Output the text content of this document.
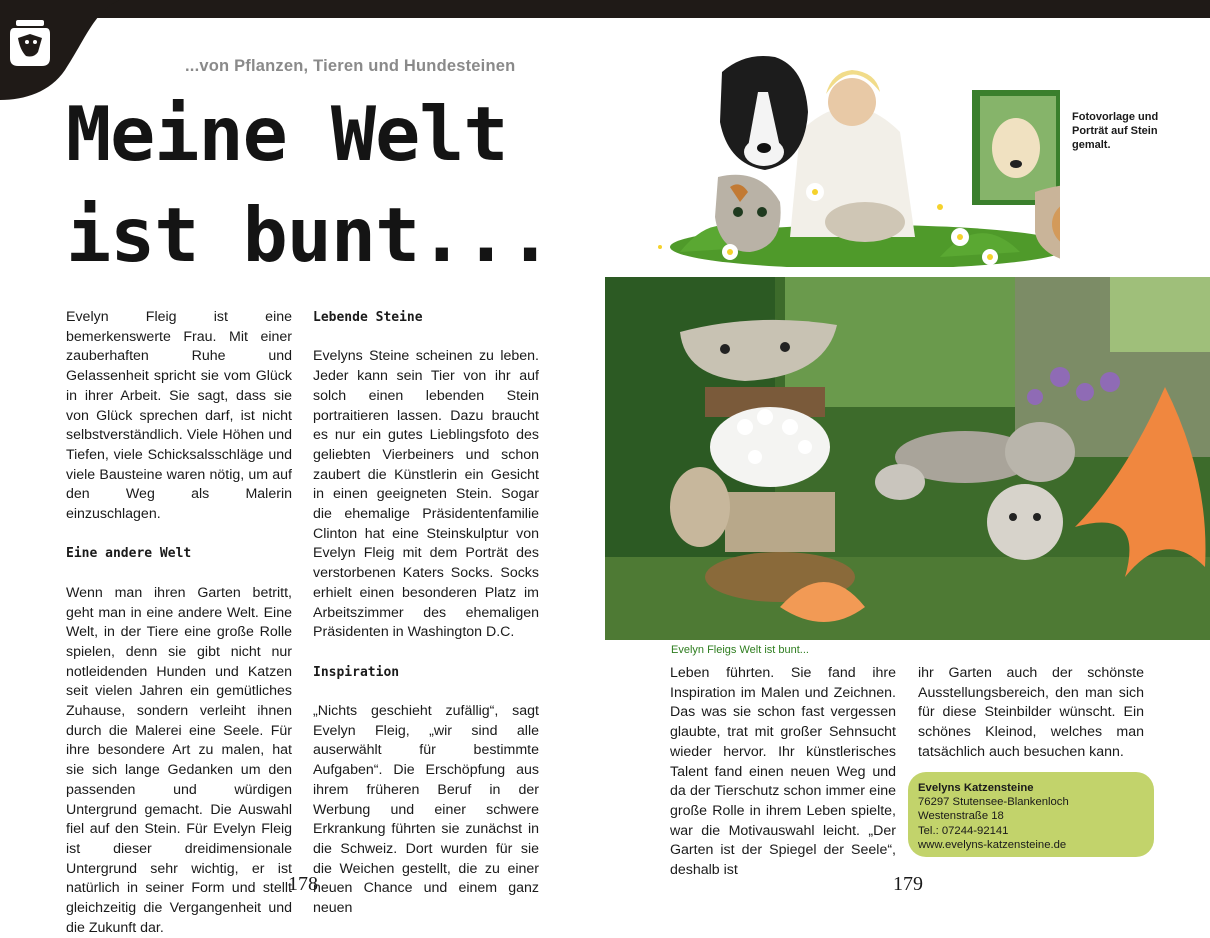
...von Pflanzen, Tieren und Hundesteinen
Meine Welt
ist bunt...

Evelyn Fleig ist eine bemerkenswerte Frau. Mit einer zauberhaften Ruhe und Gelassenheit spricht sie vom Glück in ihrer Arbeit. Sie sagt, dass sie von Glück sprechen darf, ist nicht selbstverständlich. Viele Höhen und Tiefen, viele Schicksalsschläge und viele Bausteine waren nötig, um auf den Weg als Malerin einzuschlagen.

Eine andere Welt

Wenn man ihren Garten betritt, geht man in eine andere Welt. Eine Welt, in der Tiere eine große Rolle spielen, denn sie gibt nicht nur notleidenden Hunden und Katzen seit vielen Jahren ein gemütliches Zuhause, sondern verleiht ihnen durch die Malerei eine Seele. Für ihre besondere Art zu malen, hat sie sich lange Gedanken um den passenden und würdigen Untergrund gemacht. Die Auswahl fiel auf den Stein. Für Evelyn Fleig ist dieser dreidimensionale Untergrund sehr wichtig, er ist natürlich in seiner Form und stellt gleichzeitig die Vergangenheit und die Zukunft dar.

Lebende Steine

Evelyns Steine scheinen zu leben. Jeder kann sein Tier von ihr auf solch einen lebenden Stein portraitieren lassen. Dazu braucht es nur ein gutes Lieblingsfoto des geliebten Vierbeiners und schon zaubert die Künstlerin ein Gesicht in einen geeigneten Stein. Sogar die ehemalige Präsidentenfamilie Clinton hat eine Steinskulptur von Evelyn Fleig mit dem Porträt des verstorbenen Katers Socks. Socks erhielt einen besonderen Platz im Arbeitszimmer des ehemaligen Präsidenten in Washington D.C.

Inspiration

„Nichts geschieht zufällig“, sagt Evelyn Fleig, „wir sind alle auserwählt für bestimmte Aufgaben“. Die Erschöpfung aus ihrem früheren Beruf in der Werbung und einer schwere Erkrankung führten sie zunächst in die Schweiz. Dort wurden für sie die Weichen gestellt, die zu einer neuen Chance und einem ganz neuen

178
Fotovorlage und Porträt auf Stein gemalt.
Evelyn Fleigs Welt ist bunt...

Leben führten. Sie fand ihre Inspiration im Malen und Zeichnen. Das was sie schon fast vergessen glaubte, trat mit großer Sehnsucht wieder hervor. Ihr künstlerisches Talent fand einen neuen Weg und da der Tierschutz schon immer eine große Rolle in ihrem Leben spielte, war die Motivauswahl leicht. „Der Garten ist der Spiegel der Seele“, deshalb ist

ihr Garten auch der schönste Ausstellungsbereich, den man sich für diese Steinbilder wünscht. Ein schönes Kleinod, welches man tatsächlich auch besuchen kann.

Evelyns Katzensteine
76297 Stutensee-Blankenloch
Westenstraße 18
Tel.: 07244-92141
www.evelyns-katzensteine.de
179
